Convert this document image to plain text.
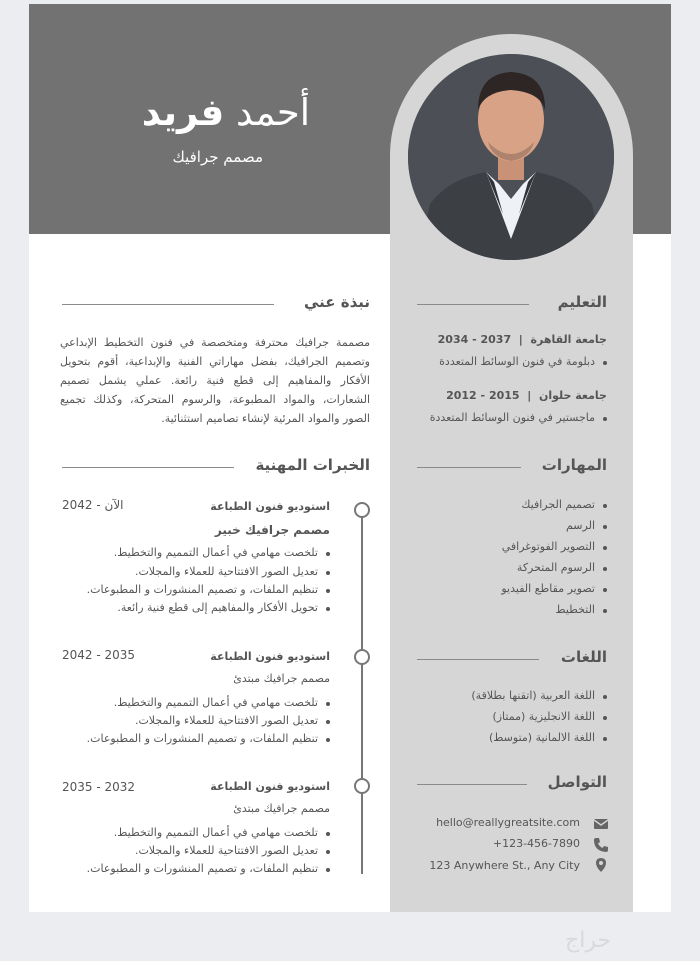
أحمد فريد
مصمم جرافيك
نبذة عني
مصممة جرافيك محترفة ومتخصصة في فنون التخطيط الإبداعي وتصميم الجرافيك، بفضل مهاراتي الفنية والإبداعية، أقوم بتحويل الأفكار والمفاهيم إلى قطع فنية رائعة. عملي يشمل تصميم الشعارات، والمواد المطبوعة، والرسوم المتحركة، وكذلك تجميع الصور والمواد المرئية لإنشاء تصاميم استثنائية.
الخبرات المهنية
استوديو فنون الطباعة
2042 - الآن
مصمم جرافيك خبير
تلخصت مهامي في أعمال التمميم والتخطيط.
تعديل الصور الافتتاحية للعملاء والمجلات.
تنظيم الملفات، و تصميم المنشورات و المطبوعات.
تحويل الأفكار والمفاهيم إلى قطع فنية رائعة.
استوديو فنون الطباعة
2042 - 2035
مصمم جرافيك مبتدئ
تلخصت مهامي في أعمال التمميم والتخطيط.
تعديل الصور الافتتاحية للعملاء والمجلات.
تنظيم الملفات، و تصميم المنشورات و المطبوعات.
استوديو فنون الطباعة
2035 - 2032
مصمم جرافيك مبتدئ
تلخصت مهامي في أعمال التمميم والتخطيط.
تعديل الصور الافتتاحية للعملاء والمجلات.
تنظيم الملفات، و تصميم المنشورات و المطبوعات.
التعليم
جامعة القاهرة  |  2037 - 2034
دبلومة في فنون الوسائط المتعددة
جامعة حلوان  |  2015 - 2012
ماجستير في فنون الوسائط المتعددة
المهارات
تصميم الجرافيك
الرسم
التصوير الفوتوغرافي
الرسوم المتحركة
تصوير مقاطع الفيديو
التخطيط
اللغات
اللغة العربية (اتقنها بطلاقة)
اللغة الانجليزية (ممتاز)
اللغة الالمانية (متوسط)
التواصل
hello@reallygreatsite.com
+123-456-7890
123 Anywhere St., Any City
حراج
